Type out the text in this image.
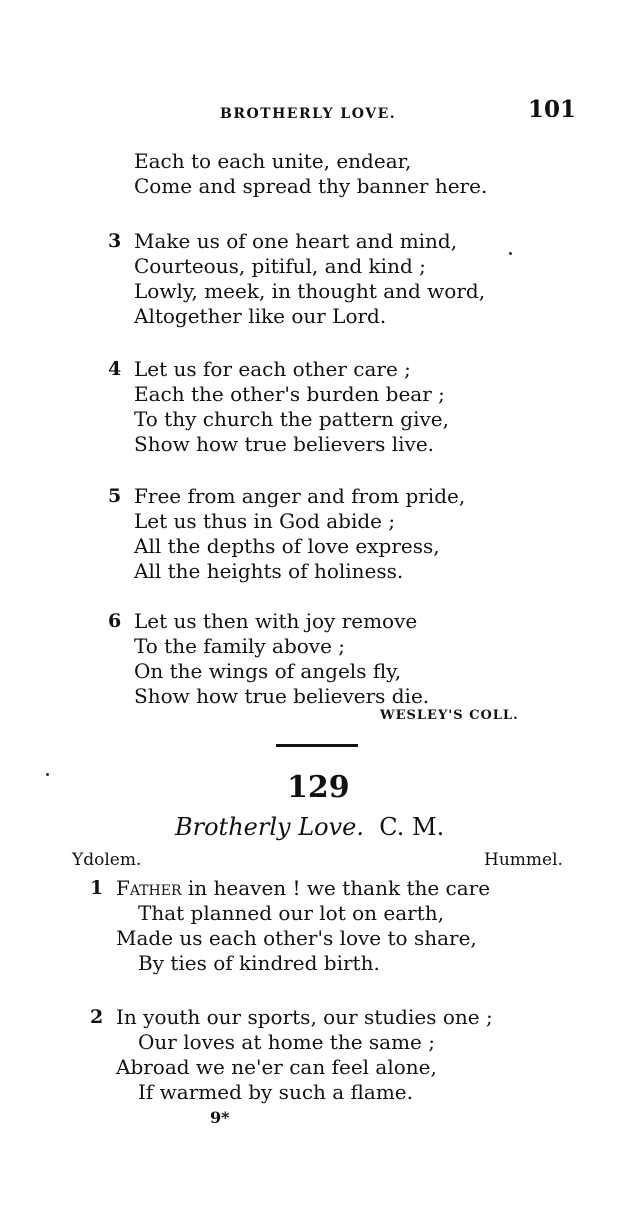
BROTHERLY LOVE.	101
Each to each unite, endear,
Come and spread thy banner here.
3 Make us of one heart and mind,
Courteous, pitiful, and kind ;
Lowly, meek, in thought and word,
Altogether like our Lord.
4 Let us for each other care ;
Each the other's burden bear ;
To thy church the pattern give,
Show how true believers live.
5 Free from anger and from pride,
Let us thus in God abide ;
All the depths of love express,
All the heights of holiness.
6 Let us then with joy remove
To the family above ;
On the wings of angels fly,
Show how true believers die.
WESLEY'S COLL.
129
Brotherly Love. C. M.
Ydolem.	Hummel.
1 Father in heaven ! we thank the care
That planned our lot on earth,
Made us each other's love to share,
By ties of kindred birth.
2 In youth our sports, our studies one ;
Our loves at home the same ;
Abroad we ne'er can feel alone,
If warmed by such a flame.
9*
